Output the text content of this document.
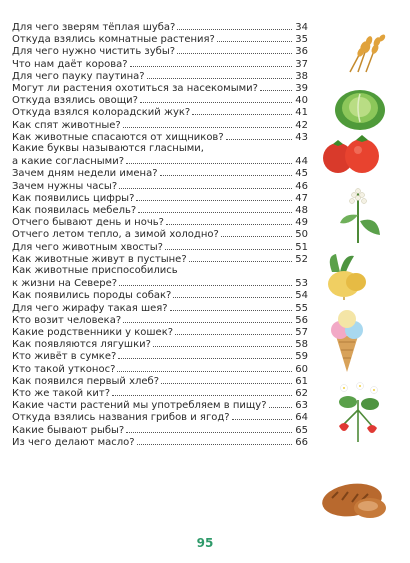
Для чего зверям тёплая шуба?	34
Откуда взялись комнатные растения?	35
Для чего нужно чистить зубы?	36
Что нам даёт корова?	37
Для чего пауку паутина?	38
Могут ли растения охотиться за насекомыми?	39
Откуда взялись овощи?	40
Откуда взялся колорадский жук?	41
Как спят животные?	42
Как животные спасаются от хищников?	43
Какие буквы называются гласными,
а какие согласными?	44
Зачем дням недели имена?	45
Зачем нужны часы?	46
Как появились цифры?	47
Как появилась мебель?	48
Отчего бывают день и ночь?	49
Отчего летом тепло, а зимой холодно?	50
Для чего животным хвосты?	51
Как животные живут в пустыне?	52
Как животные приспособились
к жизни на Севере?	53
Как появились породы собак?	54
Для чего жирафу такая шея?	55
Кто возит человека?	56
Какие родственники у кошек?	57
Как появляются лягушки?	58
Кто живёт в сумке?	59
Кто такой утконос?	60
Как появился первый хлеб?	61
Кто же такой кит?	62
Какие части растений мы употребляем в пищу?	63
Откуда взялись названия грибов и ягод?	64
Какие бывают рыбы?	65
Из чего делают масло?	66
95
